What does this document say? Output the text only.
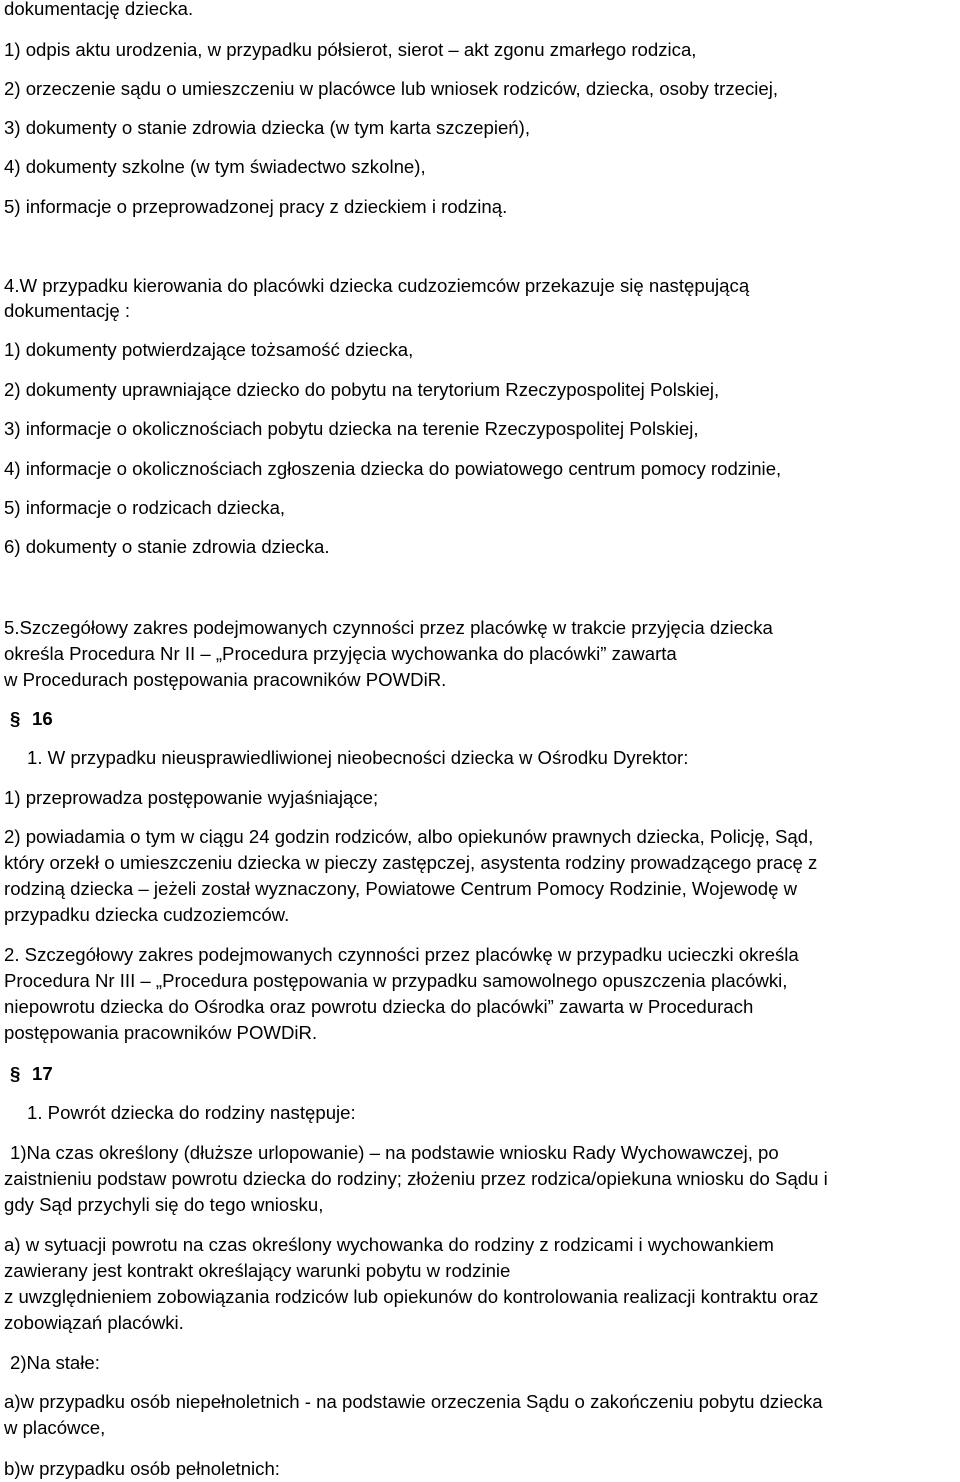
dokumentację dziecka.
1) odpis aktu urodzenia, w przypadku półsierot, sierot – akt zgonu zmarłego rodzica,
2) orzeczenie sądu o umieszczeniu w placówce lub wniosek rodziców, dziecka, osoby trzeciej,
3) dokumenty o stanie zdrowia dziecka (w tym karta szczepień),
4) dokumenty szkolne (w tym świadectwo szkolne),
5) informacje o przeprowadzonej pracy z dzieckiem i rodziną.
4.W przypadku kierowania do placówki dziecka cudzoziemców przekazuje się następującą
dokumentację :
1) dokumenty potwierdzające tożsamość dziecka,
2) dokumenty uprawniające dziecko do pobytu na terytorium Rzeczypospolitej Polskiej,
3) informacje o okolicznościach pobytu dziecka na terenie Rzeczypospolitej Polskiej,
4) informacje o okolicznościach zgłoszenia dziecka do powiatowego centrum pomocy rodzinie,
5) informacje o rodzicach dziecka,
6) dokumenty o stanie zdrowia dziecka.
5.Szczegółowy zakres podejmowanych czynności przez placówkę w trakcie przyjęcia dziecka
określa Procedura Nr II – „Procedura przyjęcia wychowanka do placówki” zawarta
w Procedurach postępowania pracowników POWDiR.
§ 16
1. W przypadku nieusprawiedliwionej nieobecności dziecka w Ośrodku Dyrektor:
1) przeprowadza postępowanie wyjaśniające;
2) powiadamia o tym w ciągu 24 godzin rodziców, albo opiekunów prawnych dziecka, Policję, Sąd,
który orzekł o umieszczeniu dziecka w pieczy zastępczej, asystenta rodziny prowadzącego pracę z
rodziną dziecka – jeżeli został wyznaczony, Powiatowe Centrum Pomocy Rodzinie, Wojewodę w
przypadku dziecka cudzoziemców.
2. Szczegółowy zakres podejmowanych czynności przez placówkę w przypadku ucieczki określa
Procedura Nr III – „Procedura postępowania w przypadku samowolnego opuszczenia placówki,
niepowrotu dziecka do Ośrodka oraz powrotu dziecka do placówki” zawarta w Procedurach
postępowania pracowników POWDiR.
§ 17
1. Powrót dziecka do rodziny następuje:
1)Na czas określony (dłuższe urlopowanie) – na podstawie wniosku Rady Wychowawczej, po
zaistnieniu podstaw powrotu dziecka do rodziny; złożeniu przez rodzica/opiekuna wniosku do Sądu i
gdy Sąd przychyli się do tego wniosku,
a) w sytuacji powrotu na czas określony wychowanka do rodziny z rodzicami i wychowankiem
zawierany jest kontrakt określający warunki pobytu w rodzinie
z uwzględnieniem zobowiązania rodziców lub opiekunów do kontrolowania realizacji kontraktu oraz
zobowiązań placówki.
2)Na stałe:
a)w przypadku osób niepełnoletnich - na podstawie orzeczenia Sądu o zakończeniu pobytu dziecka
w placówce,
b)w przypadku osób pełnoletnich:
